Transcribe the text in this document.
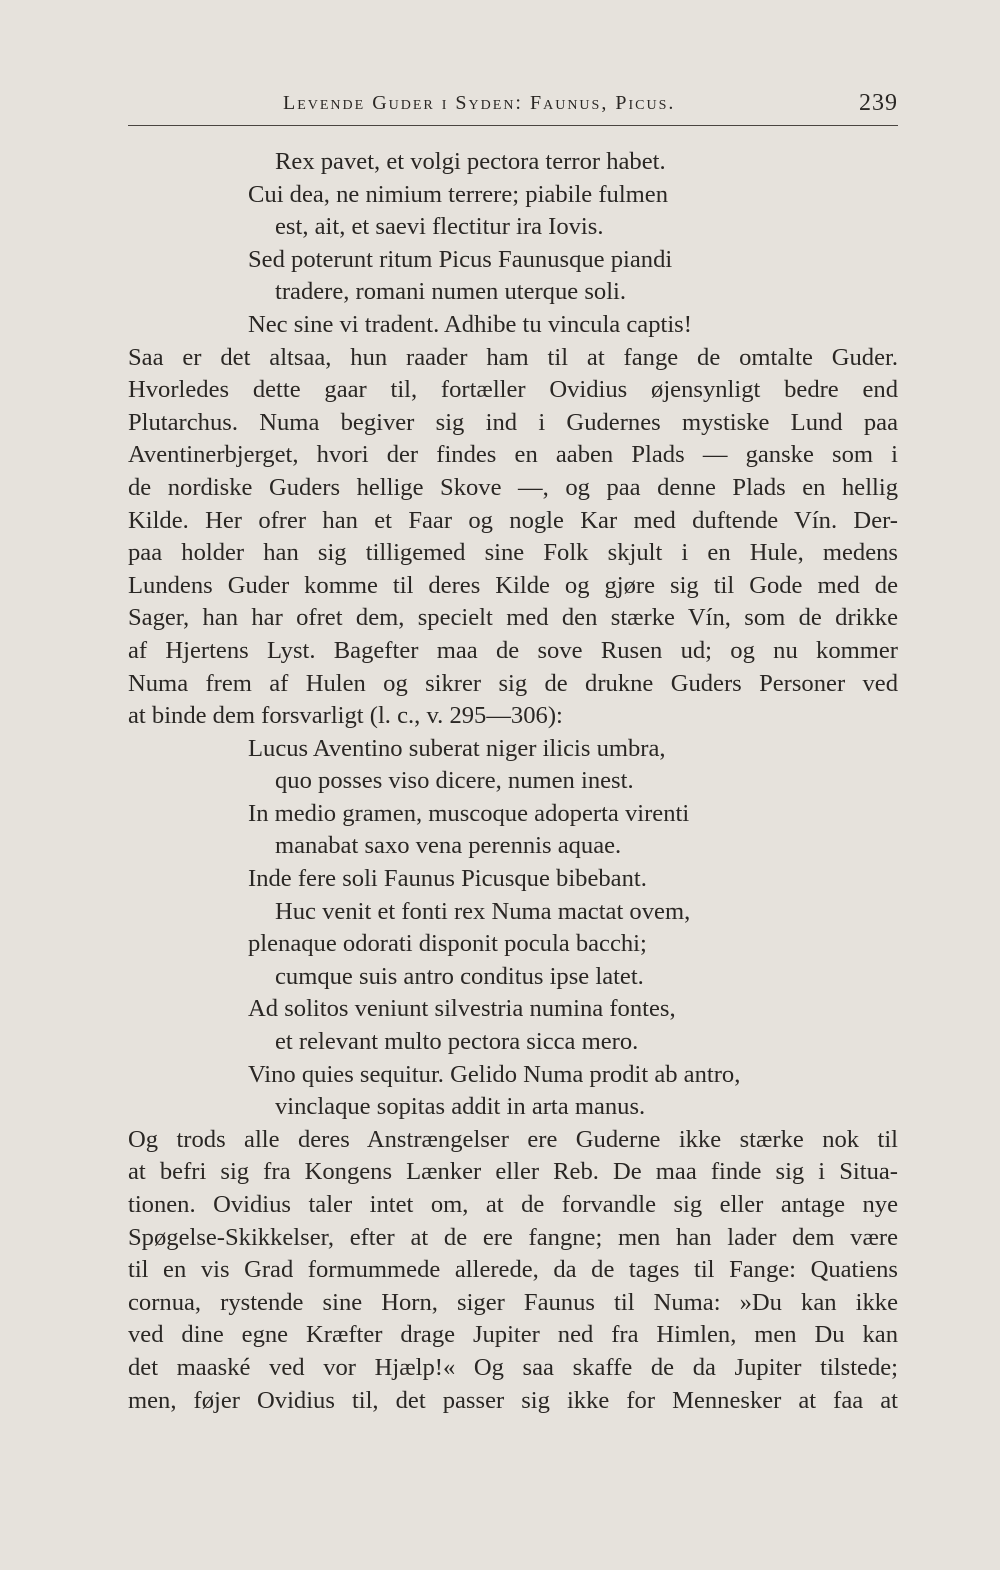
Levende Guder i Syden: Faunus, Picus.	239
Rex pavet, et volgi pectora terror habet.
Cui dea, ne nimium terrere; piabile fulmen
est, ait, et saevi flectitur ira Iovis.
Sed poterunt ritum Picus Faunusque piandi
tradere, romani numen uterque soli.
Nec sine vi tradent. Adhibe tu vincula captis!
Saa er det altsaa, hun raader ham til at fange de omtalte Guder.
Hvorledes dette gaar til, fortæller Ovidius øjensynligt bedre end
Plutarchus. Numa begiver sig ind i Gudernes mystiske Lund paa
Aventinerbjerget, hvori der findes en aaben Plads — ganske som i
de nordiske Guders hellige Skove —, og paa denne Plads en hellig
Kilde. Her ofrer han et Faar og nogle Kar med duftende Vín. Der-
paa holder han sig tilligemed sine Folk skjult i en Hule, medens
Lundens Guder komme til deres Kilde og gjøre sig til Gode med de
Sager, han har ofret dem, specielt med den stærke Vín, som de drikke
af Hjertens Lyst. Bagefter maa de sove Rusen ud; og nu kommer
Numa frem af Hulen og sikrer sig de drukne Guders Personer ved
at binde dem forsvarligt (l. c., v. 295—306):
Lucus Aventino suberat niger ilicis umbra,
quo posses viso dicere, numen inest.
In medio gramen, muscoque adoperta virenti
manabat saxo vena perennis aquae.
Inde fere soli Faunus Picusque bibebant.
Huc venit et fonti rex Numa mactat ovem,
plenaque odorati disponit pocula bacchi;
cumque suis antro conditus ipse latet.
Ad solitos veniunt silvestria numina fontes,
et relevant multo pectora sicca mero.
Vino quies sequitur. Gelido Numa prodit ab antro,
vinclaque sopitas addit in arta manus.
Og trods alle deres Anstrængelser ere Guderne ikke stærke nok til
at befri sig fra Kongens Lænker eller Reb. De maa finde sig i Situa-
tionen. Ovidius taler intet om, at de forvandle sig eller antage nye
Spøgelse-Skikkelser, efter at de ere fangne; men han lader dem være
til en vis Grad formummede allerede, da de tages til Fange: Quatiens
cornua, rystende sine Horn, siger Faunus til Numa: »Du kan ikke
ved dine egne Kræfter drage Jupiter ned fra Himlen, men Du kan
det maaské ved vor Hjælp!« Og saa skaffe de da Jupiter tilstede;
men, føjer Ovidius til, det passer sig ikke for Mennesker at faa at
